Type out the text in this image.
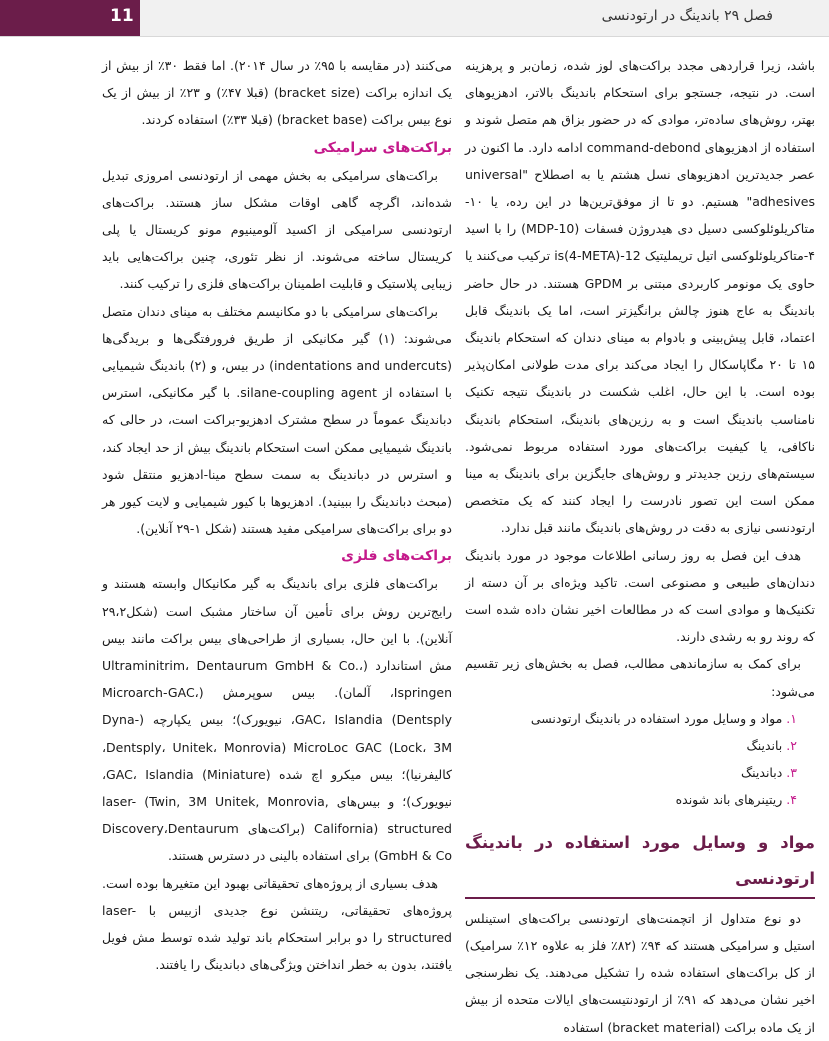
11	فصل ۲۹ باندینگ در ارتودنسی

باشد، زیرا قراردهی مجدد براکت‌های لوز شده، زمان‌بر و پرهزینه است. در نتیجه، جستجو برای استحکام باندینگ بالاتر، ادهزیوهای بهتر، روش‌های ساده‌تر، موادی که در حضور بزاق هم متصل شوند و استفاده از ادهزیوهای command-debond ادامه دارد. ما اکنون در عصر جدیدترین ادهزیوهای نسل هشتم یا به اصطلاح "universal adhesives" هستیم. دو تا از موفق‌ترین‌ها در این رده، یا ۱۰-متاکریلوئلوکسی دسیل دی هیدروژن فسفات (10-MDP) را با اسید ۴-متاکریلوئلوکسی اتیل تریملیتیک 12-is(4-META) ترکیب می‌کنند یا حاوی یک مونومر کاربردی مبتنی بر GPDM هستند. در حال حاضر باندینگ به عاج هنوز چالش برانگیزتر است، اما یک باندینگ قابل اعتماد، قابل پیش‌بینی و بادوام به مینای دندان که استحکام باندینگ ۱۵ تا ۲۰ مگاپاسکال را ایجاد می‌کند برای مدت طولانی امکان‌پذیر بوده است. با این حال، اغلب شکست در باندینگ نتیجه تکنیک نامناسب باندینگ است و به رزین‌های باندینگ، استحکام باندینگ ناکافی، یا کیفیت براکت‌های مورد استفاده مربوط نمی‌شود. سیستم‌های رزین جدیدتر و روش‌های جایگزین برای باندینگ به مینا ممکن است این تصور نادرست را ایجاد کنند که یک متخصص ارتودنسی نیازی به دقت در روش‌های باندینگ مانند قبل ندارد.

هدف این فصل به روز رسانی اطلاعات موجود در مورد باندینگ دندان‌های طبیعی و مصنوعی است. تاکید ویژه‌ای بر آن دسته از تکنیک‌ها و موادی است که در مطالعات اخیر نشان داده شده است که روند رو به رشدی دارند.

برای کمک به سازماندهی مطالب، فصل به بخش‌های زیر تقسیم می‌شود:

۱.مواد و وسایل مورد استفاده در باندینگ ارتودنسی
۲.باندینگ
۳.دباندینگ
۴.ریتینرهای باند شونده
مواد و وسایل مورد استفاده در باندینگ ارتودنسی

دو نوع متداول از اتچمنت‌های ارتودنسی براکت‌های استینلس استیل و سرامیکی هستند که ۹۴٪ (۸۲٪ فلز به علاوه ۱۲٪ سرامیک) از کل براکت‌های استفاده شده را تشکیل می‌دهند. یک نظرسنجی اخیر نشان می‌دهد که ۹۱٪ از ارتودنتیست‌های ایالات متحده از بیش از یک ماده براکت (bracket material) استفاده

می‌کنند (در مقایسه با ۹۵٪ در سال ۲۰۱۴). اما فقط ۳۰٪ از بیش از یک اندازه براکت (bracket size) (قبلا ۴۷٪) و ۲۳٪ از بیش از یک نوع بیس براکت (bracket base) (قبلا ۳۳٪) استفاده کردند.

براکت‌های سرامیکی

براکت‌های سرامیکی به بخش مهمی از ارتودنسی امروزی تبدیل شده‌اند، اگرچه گاهی اوقات مشکل ساز هستند. براکت‌های ارتودنسی سرامیکی از اکسید آلومینیوم مونو کریستال یا پلی کریستال ساخته می‌شوند. از نظر تئوری، چنین براکت‌هایی باید زیبایی پلاستیک و قابلیت اطمینان براکت‌های فلزی را ترکیب کنند.

براکت‌های سرامیکی با دو مکانیسم مختلف به مینای دندان متصل می‌شوند: (۱) گیر مکانیکی از طریق فرورفتگی‌ها و بریدگی‌ها (indentations and undercuts) در بیس، و (۲) باندینگ شیمیایی با استفاده از silane-coupling agent. با گیر مکانیکی، استرس دباندینگ عموماً در سطح مشترک ادهزیو-براکت است، در حالی که باندینگ شیمیایی ممکن است استحکام باندینگ بیش از حد ایجاد کند، و استرس در دباندینگ به سمت سطح مینا-ادهزیو منتقل شود (مبحث دباندینگ را ببینید). ادهزیوها با کیور شیمیایی و لایت کیور هر دو برای براکت‌های سرامیکی مفید هستند (شکل ۱-۲۹ آنلاین).

براکت‌های فلزی

براکت‌های فلزی برای باندینگ به گیر مکانیکال وابسته هستند و رایج‌ترین روش برای تأمین آن ساختار مشبک است (شکل۲۹،۲ آنلاین). با این حال، بسیاری از طراحی‌های بیس براکت مانند بیس مش استاندارد (Ultraminitrim، Dentaurum GmbH & Co.، Ispringen، آلمان). بیس سوپرمش (Microarch-GAC، Dentsply) GAC، Islandia، نیویورک)؛ بیس یکپارچه (Dyna-Lock، 3M) MicroLoc GAC (Dentsply، Unitek، Monrovia، کالیفرنیا)؛ بیس میکرو اچ شده (Miniature) GAC، Islandia، نیویورک)؛ و بیس‌های laser- (Twin, 3M Unitek, Monrovia, California) structured (براکت‌های Discovery،Dentaurum GmbH & Co) برای استفاده بالینی در دسترس هستند.

هدف بسیاری از پروژه‌های تحقیقاتی بهبود این متغیرها بوده است. پروژه‌های تحقیقاتی، ریتنشن نوع جدیدی ازبیس با laser-structured را دو برابر استحکام باند تولید شده توسط مش فویل یافتند، بدون به خطر انداختن ویژگی‌های دباندینگ را یافتند.
